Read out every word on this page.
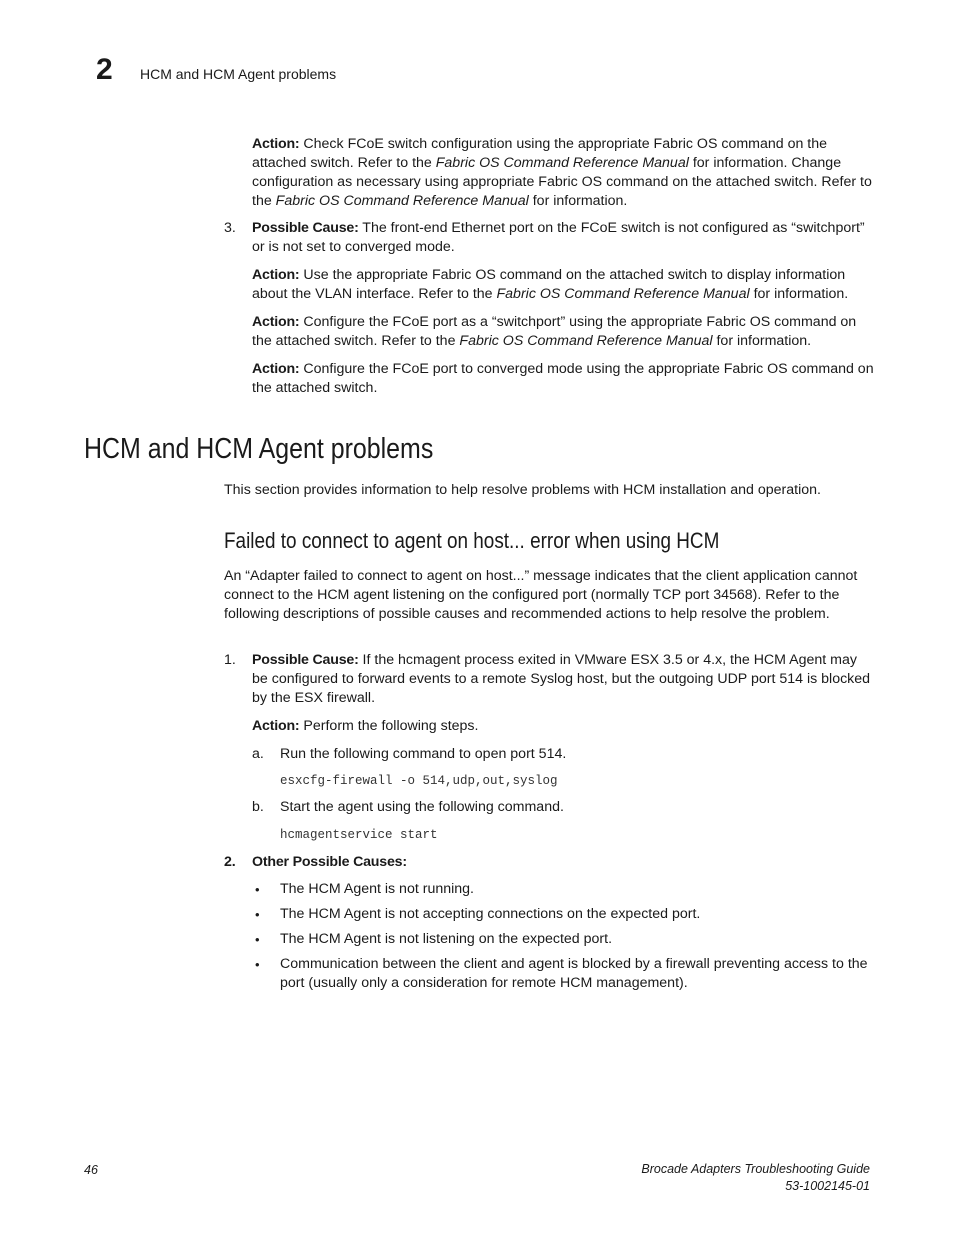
2 HCM and HCM Agent problems

Action: Check FCoE switch configuration using the appropriate Fabric OS command on the attached switch. Refer to the Fabric OS Command Reference Manual for information. Change configuration as necessary using appropriate Fabric OS command on the attached switch. Refer to the Fabric OS Command Reference Manual for information.

3. Possible Cause: The front-end Ethernet port on the FCoE switch is not configured as “switchport” or is not set to converged mode.

Action: Use the appropriate Fabric OS command on the attached switch to display information about the VLAN interface. Refer to the Fabric OS Command Reference Manual for information.

Action: Configure the FCoE port as a “switchport” using the appropriate Fabric OS command on the attached switch. Refer to the Fabric OS Command Reference Manual for information.

Action: Configure the FCoE port to converged mode using the appropriate Fabric OS command on the attached switch.

HCM and HCM Agent problems

This section provides information to help resolve problems with HCM installation and operation.

Failed to connect to agent on host... error when using HCM

An “Adapter failed to connect to agent on host...” message indicates that the client application cannot connect to the HCM agent listening on the configured port (normally TCP port 34568). Refer to the following descriptions of possible causes and recommended actions to help resolve the problem.

1. Possible Cause: If the hcmagent process exited in VMware ESX 3.5 or 4.x, the HCM Agent may be configured to forward events to a remote Syslog host, but the outgoing UDP port 514 is blocked by the ESX firewall.

Action: Perform the following steps.

a. Run the following command to open port 514.
esxcfg-firewall -o 514,udp,out,syslog
b. Start the agent using the following command.
hcmagentservice start
2. Other Possible Causes:
• The HCM Agent is not running.

• The HCM Agent is not accepting connections on the expected port.

• The HCM Agent is not listening on the expected port.

• Communication between the client and agent is blocked by a firewall preventing access to the port (usually only a consideration for remote HCM management).

46	Brocade Adapters Troubleshooting Guide
53-1002145-01
